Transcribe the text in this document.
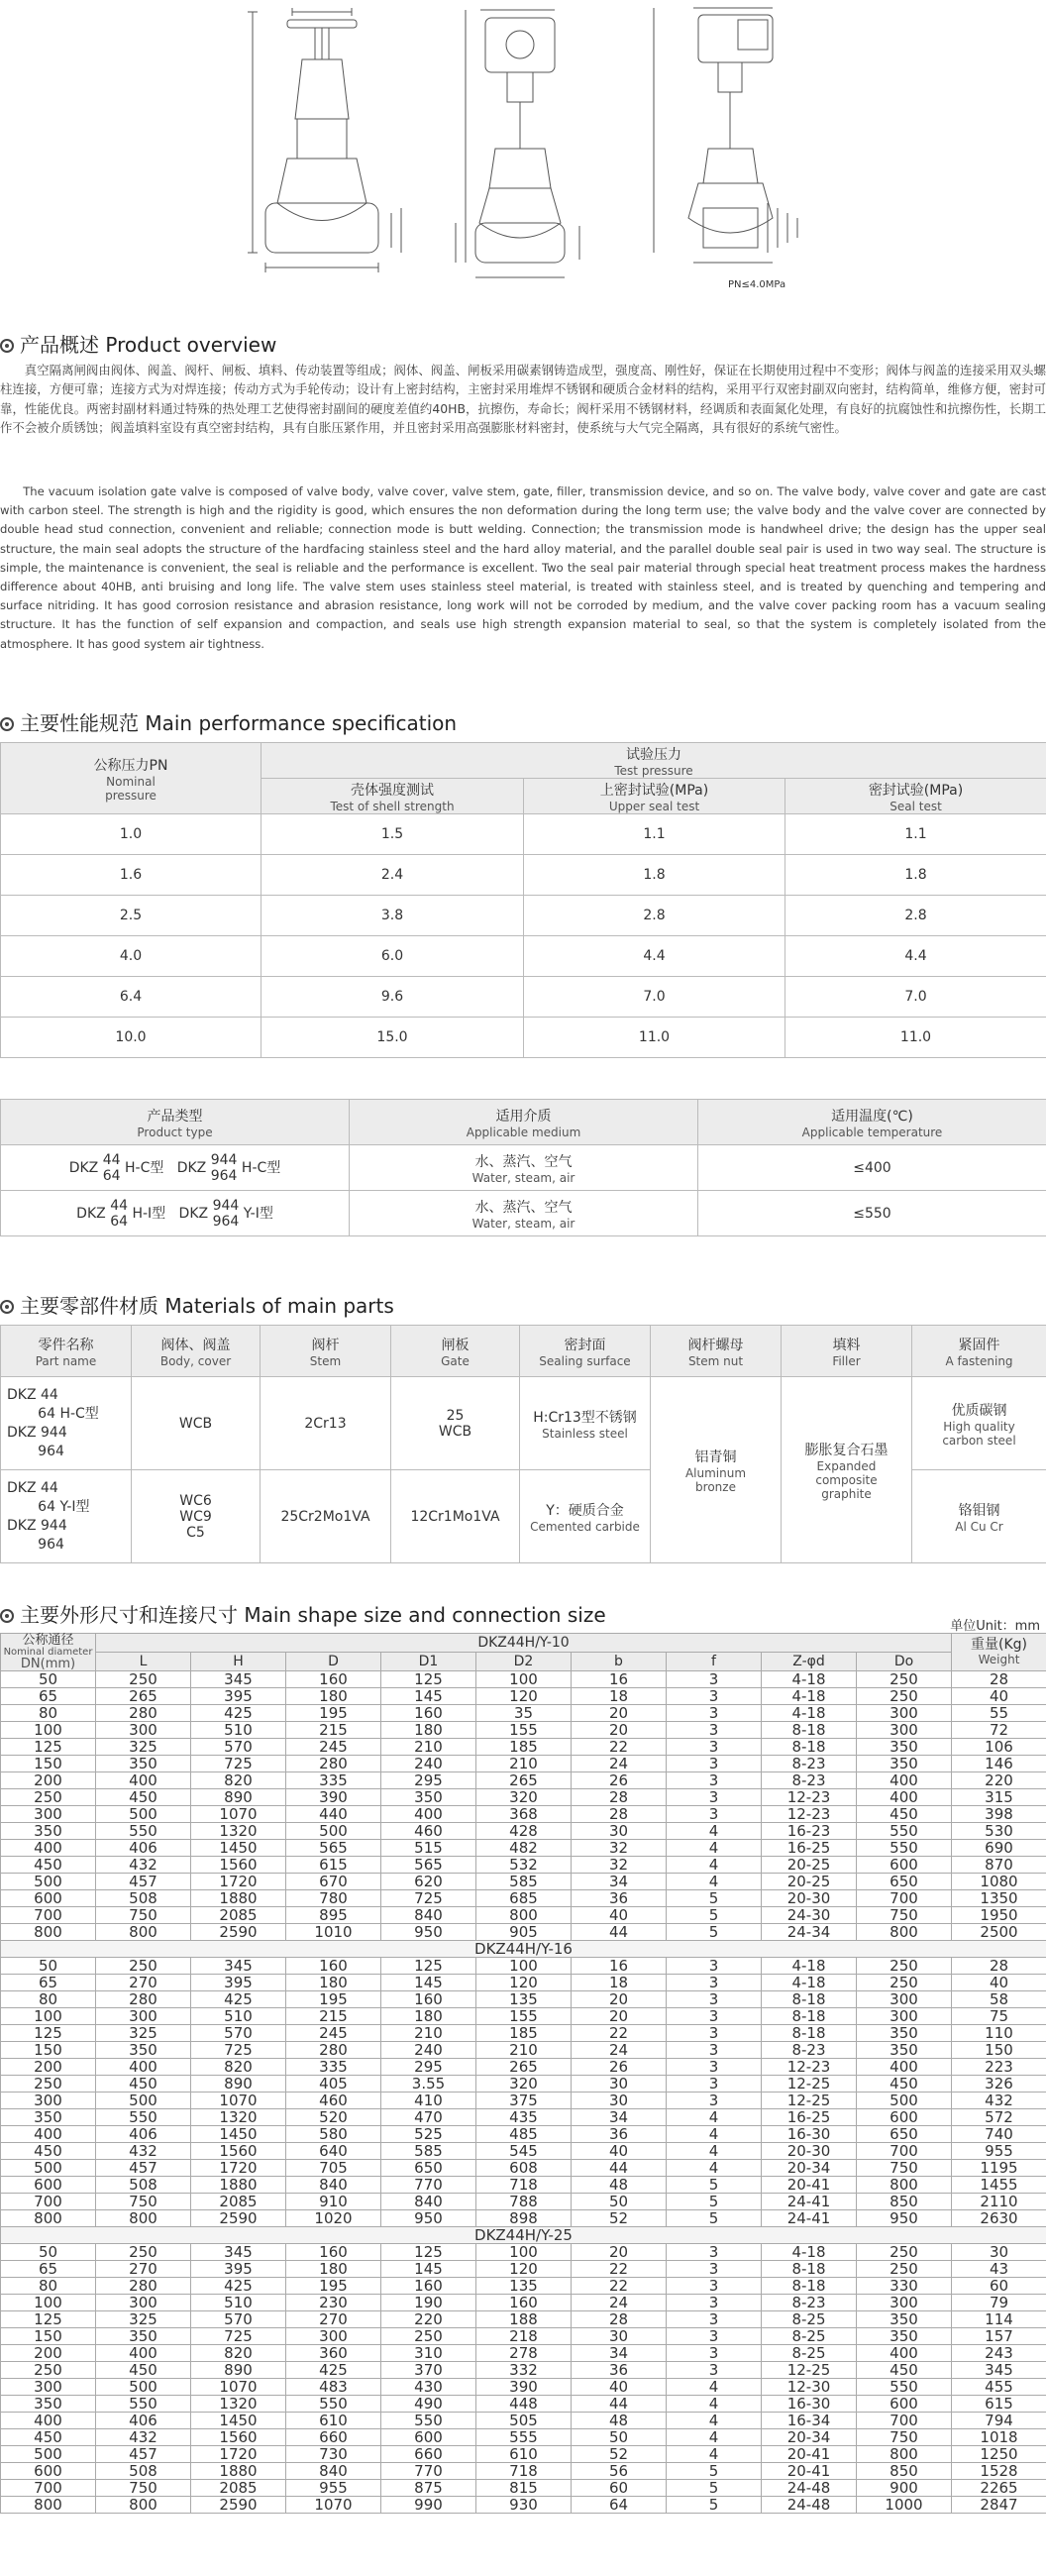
PN≤4.0MPa
产品概述 Product overview

真空隔离闸阀由阀体、阀盖、阀杆、闸板、填料、传动装置等组成；阀体、阀盖、闸板采用碳素钢铸造成型，强度高、刚性好，保证在长期使用过程中不变形；阀体与阀盖的连接采用双头螺柱连接，方便可靠；连接方式为对焊连接；传动方式为手轮传动；设计有上密封结构，主密封采用堆焊不锈钢和硬质合金材料的结构，采用平行双密封副双向密封，结构简单，维修方便，密封可靠，性能优良。两密封副材料通过特殊的热处理工艺使得密封副间的硬度差值约40HB，抗擦伤，寿命长；阀杆采用不锈钢材料，经调质和表面氮化处理，有良好的抗腐蚀性和抗擦伤性，长期工作不会被介质锈蚀；阀盖填料室设有真空密封结构，具有自胀压紧作用，并且密封采用高强膨胀材料密封，使系统与大气完全隔离，具有很好的系统气密性。

The vacuum isolation gate valve is composed of valve body, valve cover, valve stem, gate, filler, transmission device, and so on. The valve body, valve cover and gate are cast with carbon steel. The strength is high and the rigidity is good, which ensures the non deformation during the long term use; the valve body and the valve cover are connected by double head stud connection, convenient and reliable; connection mode is butt welding. Connection; the transmission mode is handwheel drive; the design has the upper seal structure, the main seal adopts the structure of the hardfacing stainless steel and the hard alloy material, and the parallel double seal pair is used in two way seal. The structure is simple, the maintenance is convenient, the seal is reliable and the performance is excellent. Two the seal pair material through special heat treatment process makes the hardness difference about 40HB, anti bruising and long life. The valve stem uses stainless steel material, is treated with stainless steel, and is treated by quenching and tempering and surface nitriding. It has good corrosion resistance and abrasion resistance, long work will not be corroded by medium, and the valve cover packing room has a vacuum sealing structure. It has the function of self expansion and compaction, and seals use high strength expansion material to seal, so that the system is completely isolated from the atmosphere. It has good system air tightness.

主要性能规范 Main performance specification
公称压力PN
Nominal
pressure	试验压力
Test pressure		

	壳体强度测试
Test of shell strength	上密封试验(MPa)
Upper seal test	密封试验(MPa)
Seal test

1.0	1.5	1.1	1.1
1.6	2.4	1.8	1.8
2.5	3.8	2.8	2.8
4.0	6.0	4.4	4.4
6.4	9.6	7.0	7.0
10.0	15.0	11.0	11.0
产品类型
Product type	适用介质
Applicable medium	适用温度(℃)
Applicable temperature

DKZ 44
64 H-C型 DKZ 944
964 H-C型	水、蒸汽、空气
Water, steam, air	≤400
DKZ 44
64 H-I型 DKZ 944
964 Y-I型	水、蒸汽、空气
Water, steam, air	≤550
主要零部件材质 Materials of main parts
零件名称
Part name	阀体、阀盖
Body, cover	阀杆
Stem	闸板
Gate	密封面
Sealing surface	阀杆螺母
Stem nut	填料
Filler	紧固件
A fastening

DKZ 44
64 H-C型
DKZ 944
964	WCB	2Cr13	25
WCB	H:Cr13型不锈钢
Stainless steel	铝青铜
Aluminum
bronze	膨胀复合石墨
Expanded
composite
graphite	优质碳钢
High quality
carbon steel

DKZ 44
64 Y-I型
DKZ 944
964	WC6
WC9
C5	25Cr2Mo1VA	12Cr1Mo1VA	Y：硬质合金
Cemented carbide			铬钼钢
Al Cu Cr
主要外形尺寸和连接尺寸 Main shape size and connection size	单位Unit：mm
公称通径
Nominal diameter
DN(mm)	DKZ44H/Y-10									重量(Kg)
Weight

	L	H	D	D1	D2	b	f	Z-φd	Do	
50	250	345	160	125	100	16	3	4-18	250	28
65	265	395	180	145	120	18	3	4-18	250	40
80	280	425	195	160	35	20	3	4-18	300	55
100	300	510	215	180	155	20	3	8-18	300	72
125	325	570	245	210	185	22	3	8-18	350	106
150	350	725	280	240	210	24	3	8-23	350	146
200	400	820	335	295	265	26	3	8-23	400	220
250	450	890	390	350	320	28	3	12-23	400	315
300	500	1070	440	400	368	28	3	12-23	450	398
350	550	1320	500	460	428	30	4	16-23	550	530
400	406	1450	565	515	482	32	4	16-25	550	690
450	432	1560	615	565	532	32	4	20-25	600	870
500	457	1720	670	620	585	34	4	20-25	650	1080
600	508	1880	780	725	685	36	5	20-30	700	1350
700	750	2085	895	840	800	40	5	24-30	750	1950
800	800	2590	1010	950	905	44	5	24-34	800	2500
DKZ44H/Y-16										
50	250	345	160	125	100	16	3	4-18	250	28
65	270	395	180	145	120	18	3	4-18	250	40
80	280	425	195	160	135	20	3	8-18	300	58
100	300	510	215	180	155	20	3	8-18	300	75
125	325	570	245	210	185	22	3	8-18	350	110
150	350	725	280	240	210	24	3	8-23	350	150
200	400	820	335	295	265	26	3	12-23	400	223
250	450	890	405	3.55	320	30	3	12-25	450	326
300	500	1070	460	410	375	30	3	12-25	500	432
350	550	1320	520	470	435	34	4	16-25	600	572
400	406	1450	580	525	485	36	4	16-30	650	740
450	432	1560	640	585	545	40	4	20-30	700	955
500	457	1720	705	650	608	44	4	20-34	750	1195
600	508	1880	840	770	718	48	5	20-41	800	1455
700	750	2085	910	840	788	50	5	24-41	850	2110
800	800	2590	1020	950	898	52	5	24-41	950	2630
DKZ44H/Y-25										
50	250	345	160	125	100	20	3	4-18	250	30
65	270	395	180	145	120	22	3	8-18	250	43
80	280	425	195	160	135	22	3	8-18	330	60
100	300	510	230	190	160	24	3	8-23	300	79
125	325	570	270	220	188	28	3	8-25	350	114
150	350	725	300	250	218	30	3	8-25	350	157
200	400	820	360	310	278	34	3	8-25	400	243
250	450	890	425	370	332	36	3	12-25	450	345
300	500	1070	483	430	390	40	4	12-30	550	455
350	550	1320	550	490	448	44	4	16-30	600	615
400	406	1450	610	550	505	48	4	16-34	700	794
450	432	1560	660	600	555	50	4	20-34	750	1018
500	457	1720	730	660	610	52	4	20-41	800	1250
600	508	1880	840	770	718	56	5	20-41	850	1528
700	750	2085	955	875	815	60	5	24-48	900	2265
800	800	2590	1070	990	930	64	5	24-48	1000	2847
